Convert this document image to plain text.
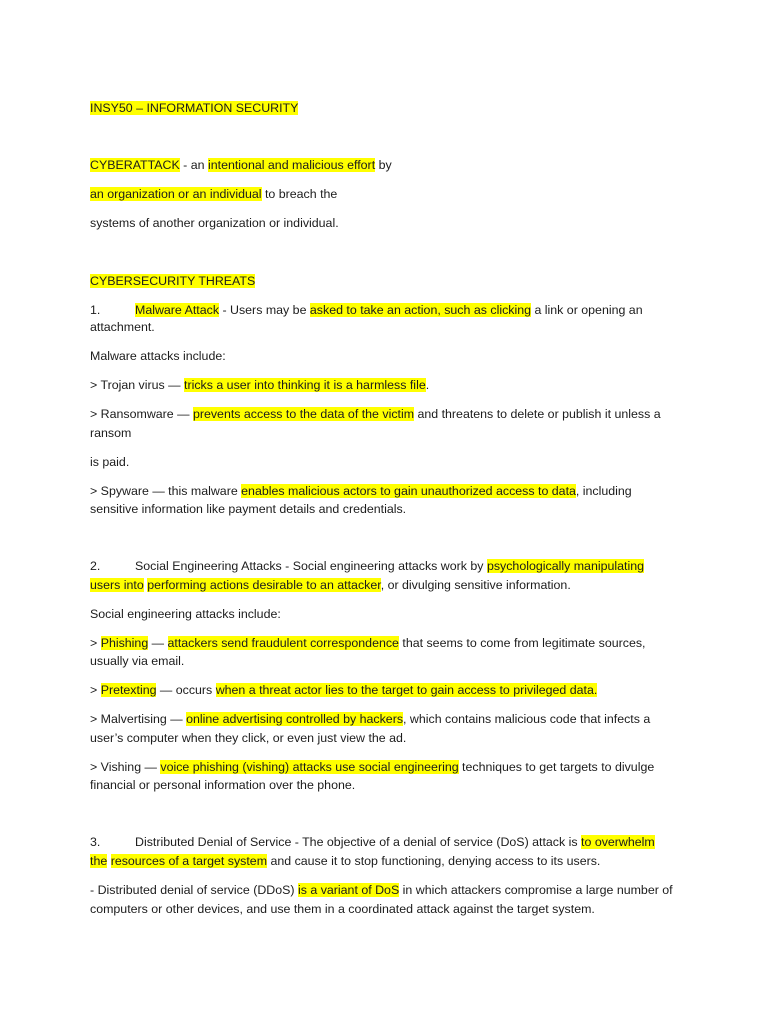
INSY50 – INFORMATION SECURITY
CYBERATTACK - an intentional and malicious effort by
an organization or an individual to breach the
systems of another organization or individual.
CYBERSECURITY THREATS
1.	Malware Attack - Users may be asked to take an action, such as clicking a link or opening an
attachment.
Malware attacks include:
> Trojan virus — tricks a user into thinking it is a harmless file.
> Ransomware — prevents access to the data of the victim and threatens to delete or publish it unless a
ransom
is paid.
> Spyware — this malware enables malicious actors to gain unauthorized access to data, including
sensitive information like payment details and credentials.
2.	Social Engineering Attacks - Social engineering attacks work by psychologically manipulating
users into performing actions desirable to an attacker, or divulging sensitive information.
Social engineering attacks include:
> Phishing — attackers send fraudulent correspondence that seems to come from legitimate sources,
usually via email.
> Pretexting — occurs when a threat actor lies to the target to gain access to privileged data.
> Malvertising — online advertising controlled by hackers, which contains malicious code that infects a
user’s computer when they click, or even just view the ad.
> Vishing — voice phishing (vishing) attacks use social engineering techniques to get targets to divulge
financial or personal information over the phone.
3.	Distributed Denial of Service - The objective of a denial of service (DoS) attack is to overwhelm
the resources of a target system and cause it to stop functioning, denying access to its users.
- Distributed denial of service (DDoS) is a variant of DoS in which attackers compromise a large number of
computers or other devices, and use them in a coordinated attack against the target system.
